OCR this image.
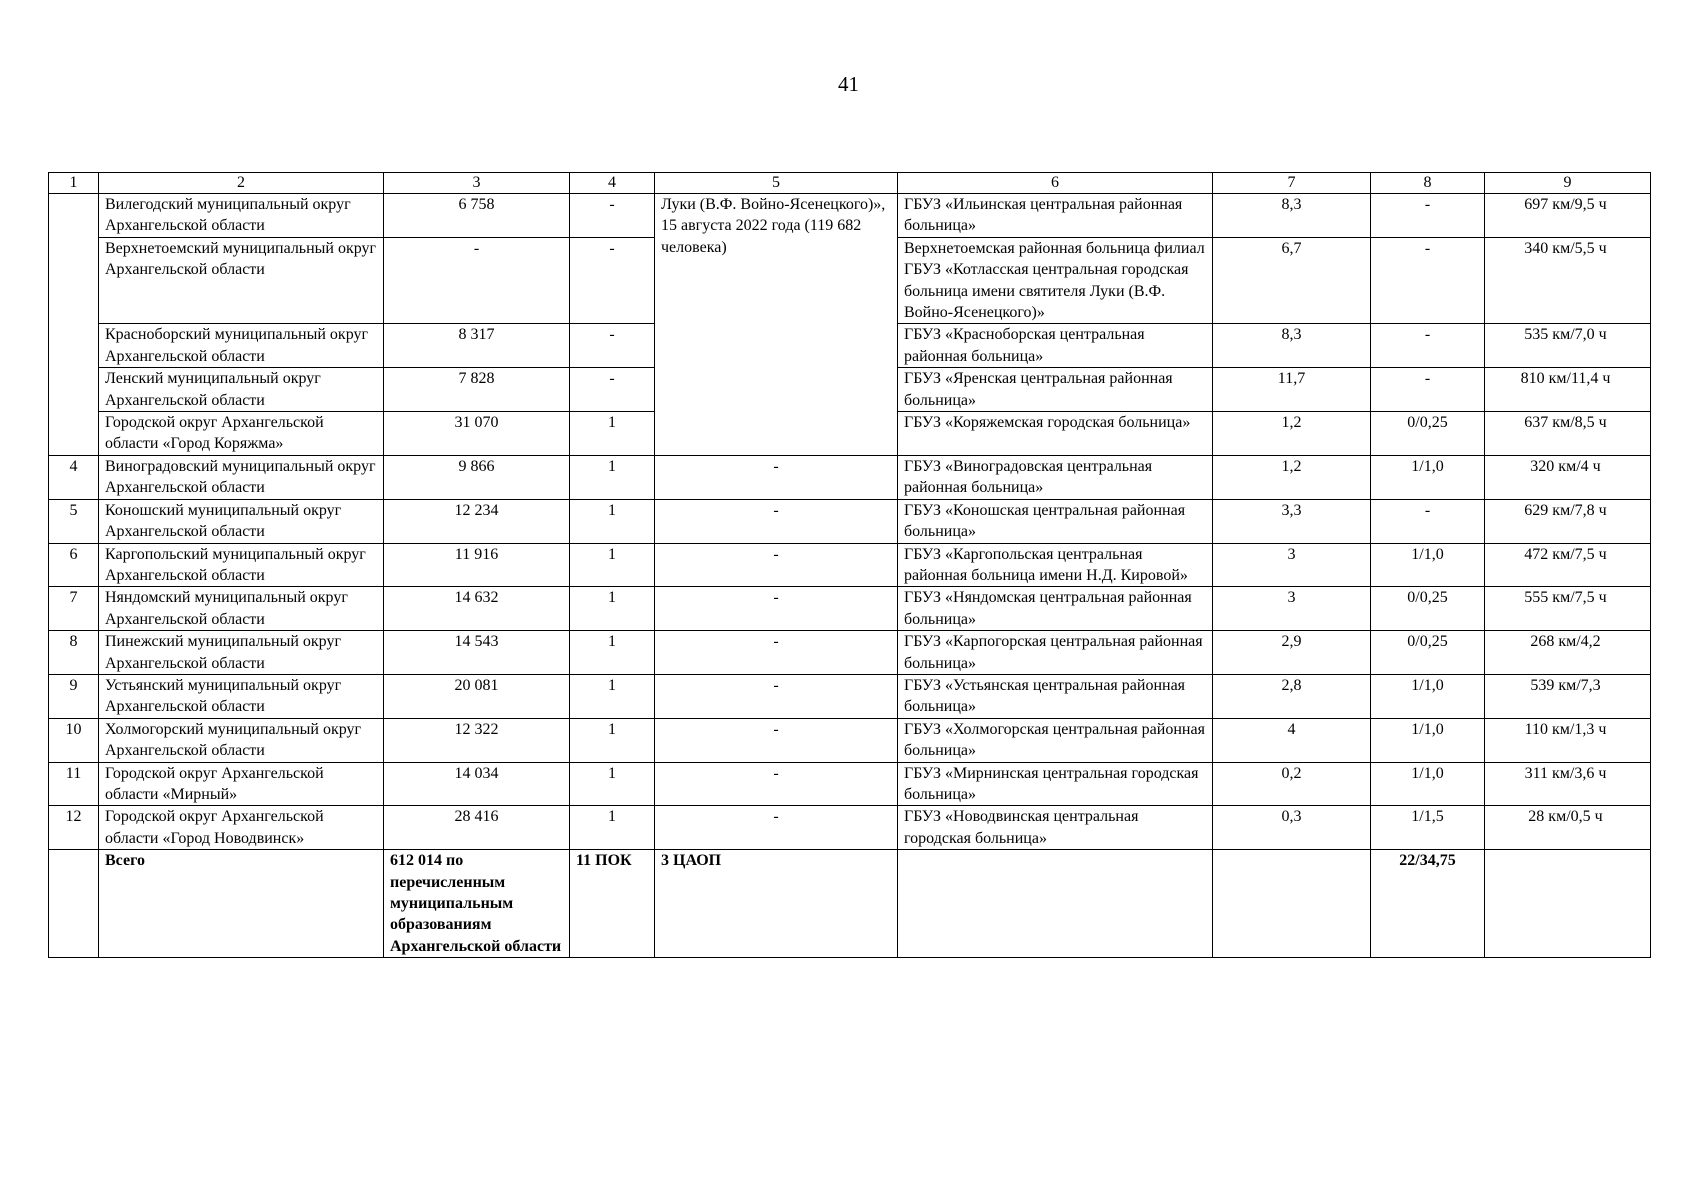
41
1	2	3	4	5	6	7	8	9
	Вилегодский муниципальный округ Архангельской области	6 758	-	Луки (В.Ф. Войно-Ясенецкого)», 15 августа 2022 года (119 682 человека)	ГБУЗ «Ильинская центральная районная больница»	8,3	-	697 км/9,5 ч
	Верхнетоемский муниципальный округ Архангельской области	-	-		Верхнетоемская районная больница филиал ГБУЗ «Котласская центральная городская больница имени святителя Луки (В.Ф. Войно-Ясенецкого)»	6,7	-	340 км/5,5 ч
	Красноборский муниципальный округ Архангельской области	8 317	-		ГБУЗ «Красноборская центральная районная больница»	8,3	-	535 км/7,0 ч
	Ленский муниципальный округ Архангельской области	7 828	-		ГБУЗ «Яренская центральная районная больница»	11,7	-	810 км/11,4 ч
	Городской округ Архангельской области «Город Коряжма»	31 070	1		ГБУЗ «Коряжемская городская больница»	1,2	0/0,25	637 км/8,5 ч
4	Виноградовский муниципальный округ Архангельской области	9 866	1	-	ГБУЗ «Виноградовская центральная районная больница»	1,2	1/1,0	320 км/4 ч
5	Коношский муниципальный округ Архангельской области	12 234	1	-	ГБУЗ «Коношская центральная районная больница»	3,3	-	629 км/7,8 ч
6	Каргопольский муниципальный округ Архангельской области	11 916	1	-	ГБУЗ «Каргопольская центральная районная больница имени Н.Д. Кировой»	3	1/1,0	472 км/7,5 ч
7	Няндомский муниципальный округ Архангельской области	14 632	1	-	ГБУЗ «Няндомская центральная районная больница»	3	0/0,25	555 км/7,5 ч
8	Пинежский муниципальный округ Архангельской области	14 543	1	-	ГБУЗ «Карпогорская центральная районная больница»	2,9	0/0,25	268 км/4,2
9	Устьянский муниципальный округ Архангельской области	20 081	1	-	ГБУЗ «Устьянская центральная районная больница»	2,8	1/1,0	539 км/7,3
10	Холмогорский муниципальный округ Архангельской области	12 322	1	-	ГБУЗ «Холмогорская центральная районная больница»	4	1/1,0	110 км/1,3 ч
11	Городской округ Архангельской области «Мирный»	14 034	1	-	ГБУЗ «Мирнинская центральная городская больница»	0,2	1/1,0	311 км/3,6 ч
12	Городской округ Архангельской области «Город Новодвинск»	28 416	1	-	ГБУЗ «Новодвинская центральная городская больница»	0,3	1/1,5	28 км/0,5 ч
	Всего	612 014 по перечисленным муниципальным образованиям Архангельской области	11 ПОК	3 ЦАОП			22/34,75	
